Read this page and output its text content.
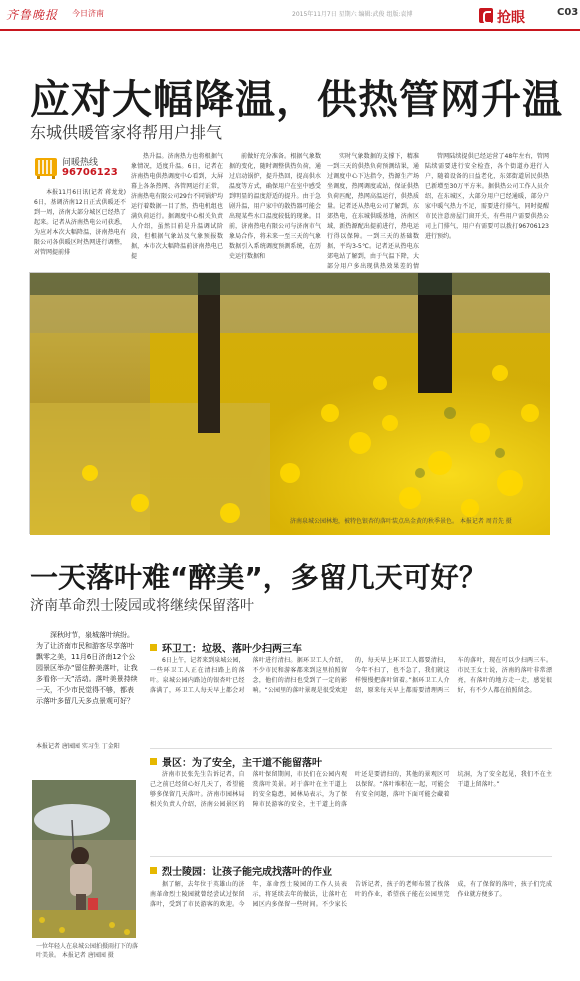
齐鲁晚报 今日济南	2015年11月7日 星期六 编辑:武俊 组版:袁博	抢眼	C03
应对大幅降温，供热管网升温
东城供暖管家将帮用户排气
问暖热线
96706123

本报11月6日讯(记者 蒋龙龙) 6日，基调济南12日正式供暖还不到一周，济南大部分城区已经热了起来。记者从济南热电公司获悉，为应对本次大幅降温，济南热电有限公司各供暖区时热网进行调整，对管网提前排

热升温。济南热力也将根据气象情况，适度升温。6日，记者在济南热电供热调度中心看到，大屏幕上各条热网、各管网运行正常，济南热电有限公司29台不同锅炉均运行着数据一目了然，热电机组也满负荷运行。据调度中心相关负责人介绍，虽然目前是升温调试阶段，但根据气象站及气象预报数据，本市次大幅降温前济南热电已提

前做好充分准备。根据气象数据的变化，随时调整供热负荷，通过启动锅炉，提升热回，提高供水温度等方式，确保用户在室中感受到明显的温度舒适的提升。由于急剧升温，用户家中的散热器可能会出现某些水口温度较低的现象。目前，济南热电有限公司与济南市气象局合作，将未来一至三天的气象数据引入系统调度预测系统，在历史运行数据和

实时气象数据的支撑下，精准一到三天的供热负荷预测结果，通过调度中心下达指令，热源生产场坐调度，热网调度或站，保证供热负荷匹配，热网高温运行，供热质量。记者还从热电公司了解到，东郊热电，在东城供暖基地，济南区域，新热源配出提前进行，热电运行得以保障。一到三天的基础数据，平均3-5℃。记者还从热电东郊电站了解到，由于气温下降，大部分用户多出现供热效果差的情

管网陆续提供已经运营了48年左右，管网陆续需要进行安全检查，各个街道办进行入户，随着设备的日益老化，东郊街道居民供热已新增至30万平方米。据供热公司工作人员介绍，在东城区，大部分用户已经通暖，部分户家中暖气热力不足，需要进行排气，同时提醒市民注意房屋门窗开关，有些用户需要供热公司上门排气，用户有需要可以拨打96706123进行预约。

济南泉城公园林地，被特色银杏的落叶装点出金黄的秋季景色。 本报记者 周青先 摄
一天落叶难“醉美”，多留几天可好？
济南革命烈士陵园或将继续保留落叶

深秋时节，泉城落叶缤纷。为了让济南市民和游客尽享落叶飘零之美，11月6日济南12个公园景区举办“留住醉美落叶，让我多看你一天”活动。落叶美景持续一天，不少市民觉得不够，都表示落叶多留几天多点景观可好？

本报记者 唐园园 实习生 丁金阳
一位年轻人在泉城公园拍摄雨打下的落叶美景。 本报记者 唐园园 摄
环卫工：垃圾、落叶少扫两三车

6日上午，记者来到泉城公园，一些环卫工人正在清扫路上的落叶。泉城公园内路边的银杏叶已经落满了，环卫工人每天早上都会对落叶进行清扫。据环卫工人介绍，不少市民和游客都来到这里拍照留念，他们的清扫也受到了一定的影响。“公园里的落叶景观是很受欢迎的，每天早上环卫工人都要清扫，今年不扫了，也不急了，我们就这样慢慢把落叶留着。”据环卫工人介绍，原来每天早上都需要清理两三车的落叶，现在可以少扫两三车。市民王女士说，济南的落叶非常漂亮，有落叶的地方走一走，感觉很好，有不少人都在拍照留念。

景区：为了安全，主干道不能留落叶

济南市民张先生告诉记者，自己之前已经留心好几天了，希望能够多保留几天落叶。济南市园林局相关负责人介绍，济南公园景区的落叶保留期间，市民们在公园内观赏落叶美景。对于落叶在主干道上的安全隐患，园林局表示，为了保障市民游客的安全，主干道上的落叶还是要清扫的，其他的景观区可以保留。“落叶堆积在一起，可能会有安全问题，落叶下面可能会藏着坑洞，为了安全起见，我们不在主干道上留落叶。”

烈士陵园：让孩子能完成找落叶的作业

据了解，去年位于英雄山的济南革命烈士陵园就曾经尝试过保留落叶，受到了市民游客的欢迎。今年，革命烈士陵园的工作人员表示，将延续去年的做法，让落叶在园区内多保留一些时间。不少家长告诉记者，孩子的老师布置了找落叶的作业，希望孩子能在公园里完成，有了保留的落叶，孩子们完成作业就方便多了。
